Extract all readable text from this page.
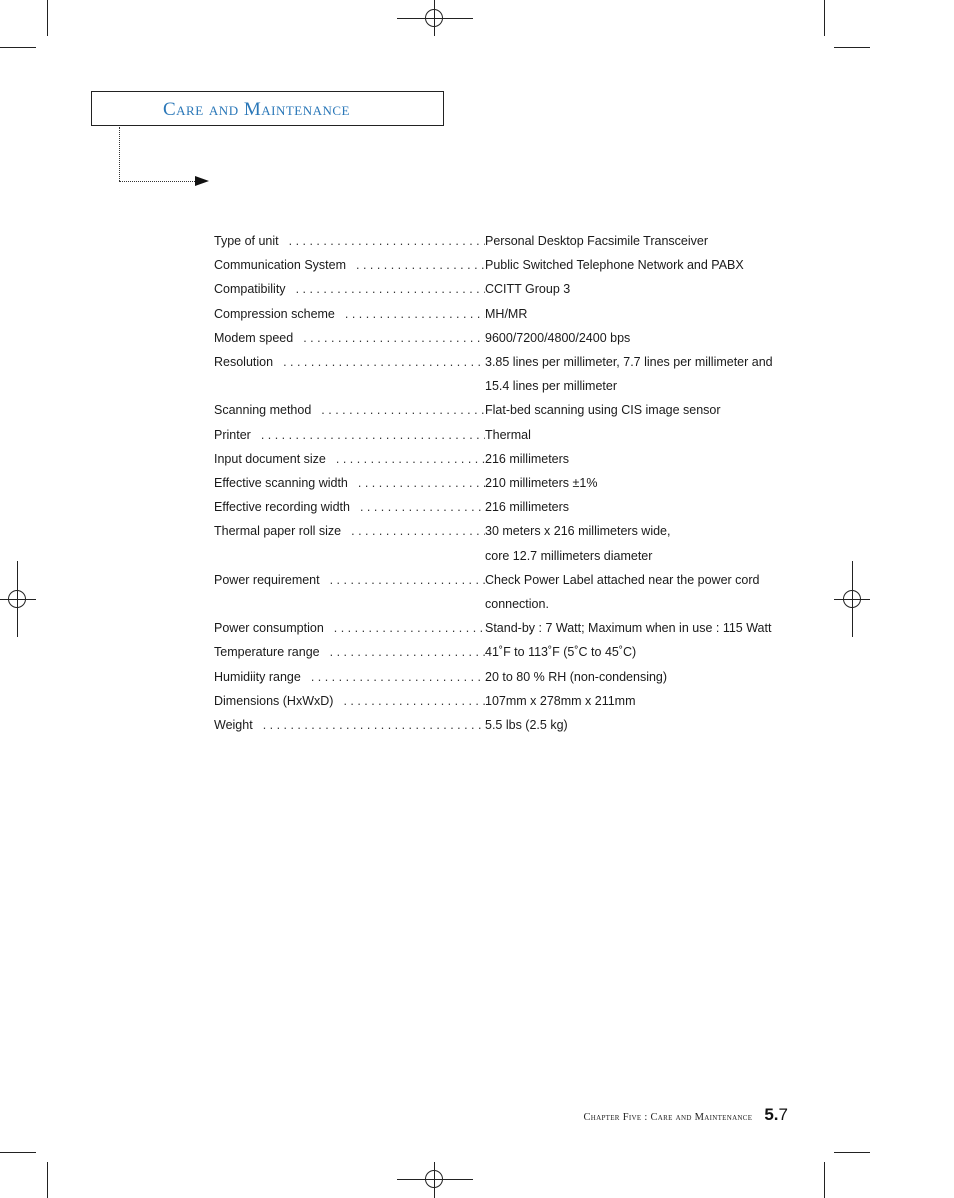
Care and Maintenance
Type of unit . . .	Personal Desktop Facsimile Transceiver
Communication System . . .	Public Switched Telephone Network and PABX
Compatibility . . .	CCITT Group 3
Compression scheme . . .	MH/MR
Modem speed . . .	9600/7200/4800/2400 bps
Resolution . . .	3.85 lines per millimeter, 7.7 lines per millimeter and
15.4 lines per millimeter
Scanning method . . .	Flat-bed scanning using CIS image sensor
Printer . . .	Thermal
Input document size . . .	216 millimeters
Effective scanning width . . .	210 millimeters ±1%
Effective recording width . . .	216 millimeters
Thermal paper roll size . . .	30 meters x 216 millimeters wide,
core 12.7 millimeters diameter
Power requirement . . .	Check Power Label attached near the power cord
connection.
Power consumption . . .	Stand-by : 7 Watt; Maximum when in use : 115 Watt
Temperature range . . .	41˚F to 113˚F (5˚C to 45˚C)
Humidiity range . . .	20 to 80 % RH (non-condensing)
Dimensions (HxWxD) . . .	107mm x 278mm x 211mm
Weight . . .	5.5 lbs (2.5 kg)
Chapter Five : Care and Maintenance 5.7
